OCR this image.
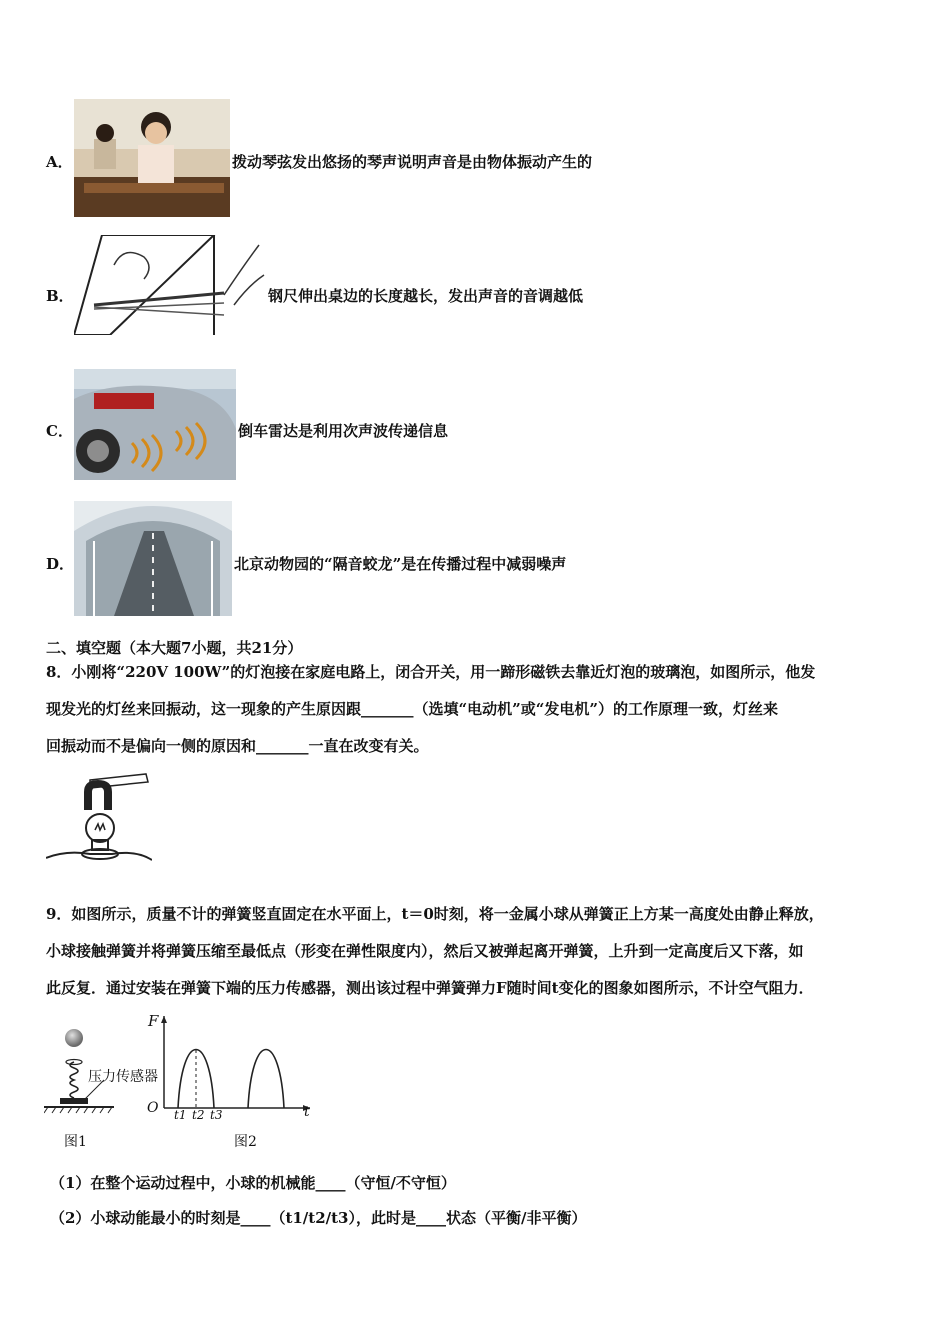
A．	拨动琴弦发出悠扬的琴声说明声音是由物体振动产生的
B．	钢尺伸出桌边的长度越长，发出声音的音调越低
C．	倒车雷达是利用次声波传递信息
D．	北京动物园的“隔音蛟龙”是在传播过程中减弱噪声
二、填空题（本大题7小题，共21分）
8．小刚将“220V 100W”的灯泡接在家庭电路上，闭合开关，用一蹄形磁铁去靠近灯泡的玻璃泡，如图所示，他发
现发光的灯丝来回振动，这一现象的产生原因跟_______（选填“电动机”或“发电机”）的工作原理一致，灯丝来
回振动而不是偏向一侧的原因和_______一直在改变有关。
9．如图所示，质量不计的弹簧竖直固定在水平面上，t＝0时刻，将一金属小球从弹簧正上方某一高度处由静止释放，
小球接触弹簧并将弹簧压缩至最低点（形变在弹性限度内），然后又被弹起离开弹簧，上升到一定高度后又下落，如
此反复．通过安装在弹簧下端的压力传感器，测出该过程中弹簧弹力F随时间t变化的图象如图所示，不计空气阻力．
压力传感器
图1
F
O	t
t1 t2 t3
图2
（1）在整个运动过程中，小球的机械能____（守恒/不守恒）
（2）小球动能最小的时刻是____（t1/t2/t3），此时是____状态（平衡/非平衡）
